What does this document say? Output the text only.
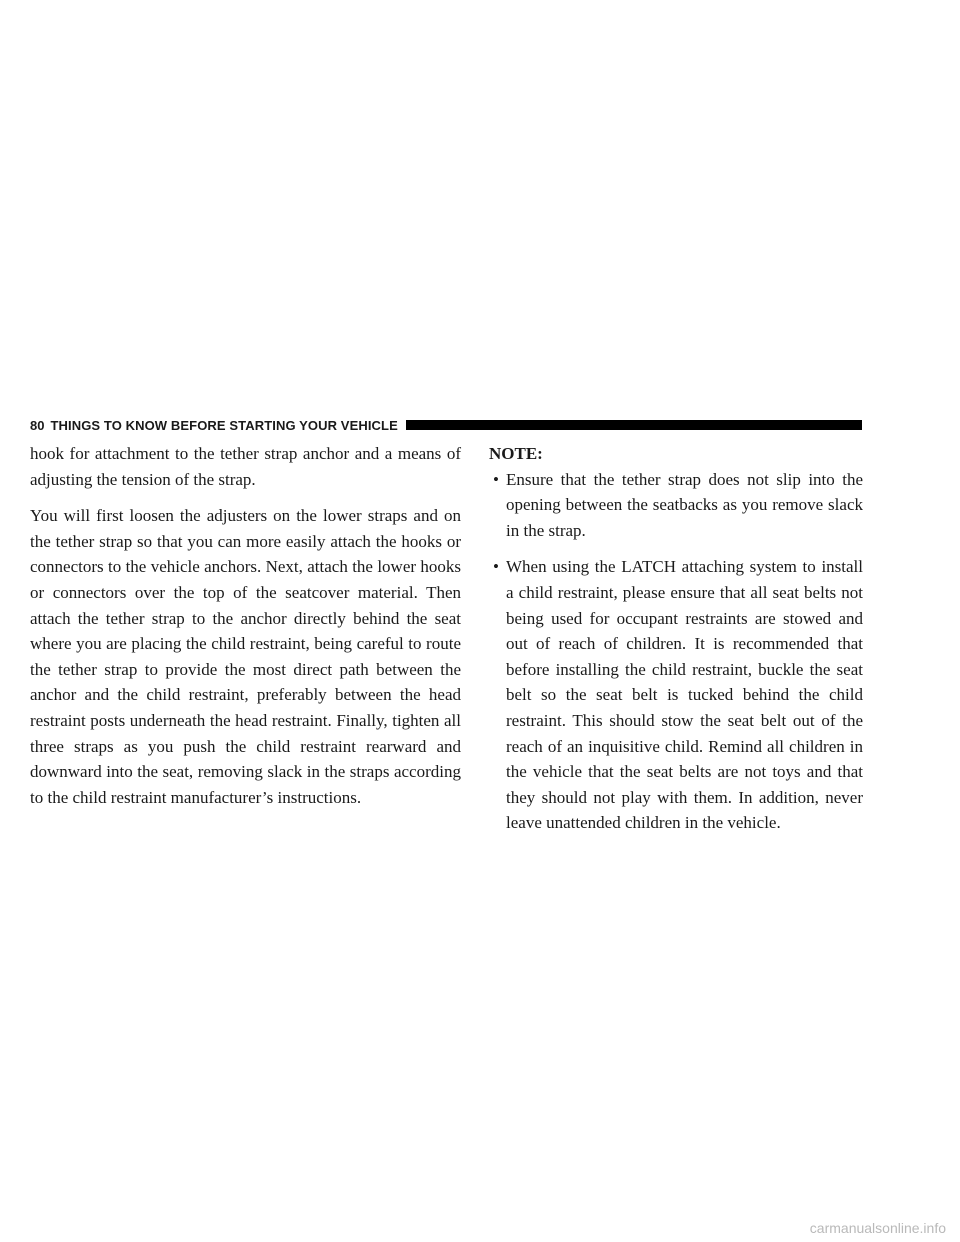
80 THINGS TO KNOW BEFORE STARTING YOUR VEHICLE

hook for attachment to the tether strap anchor and a means of adjusting the tension of the strap.

You will first loosen the adjusters on the lower straps and on the tether strap so that you can more easily attach the hooks or connectors to the vehicle anchors. Next, attach the lower hooks or connectors over the top of the seatcover material. Then attach the tether strap to the anchor directly behind the seat where you are placing the child restraint, being careful to route the tether strap to provide the most direct path between the anchor and the child restraint, preferably between the head restraint posts underneath the head restraint. Finally, tighten all three straps as you push the child restraint rearward and downward into the seat, removing slack in the straps according to the child restraint manufacturer’s instructions.

NOTE:

• Ensure that the tether strap does not slip into the opening between the seatbacks as you remove slack in the strap.
• When using the LATCH attaching system to install a child restraint, please ensure that all seat belts not being used for occupant restraints are stowed and out of reach of children. It is recommended that before installing the child restraint, buckle the seat belt so the seat belt is tucked behind the child restraint. This should stow the seat belt out of the reach of an inquisitive child. Remind all children in the vehicle that the seat belts are not toys and that they should not play with them. In addition, never leave unattended children in the vehicle.
carmanualsonline.info
